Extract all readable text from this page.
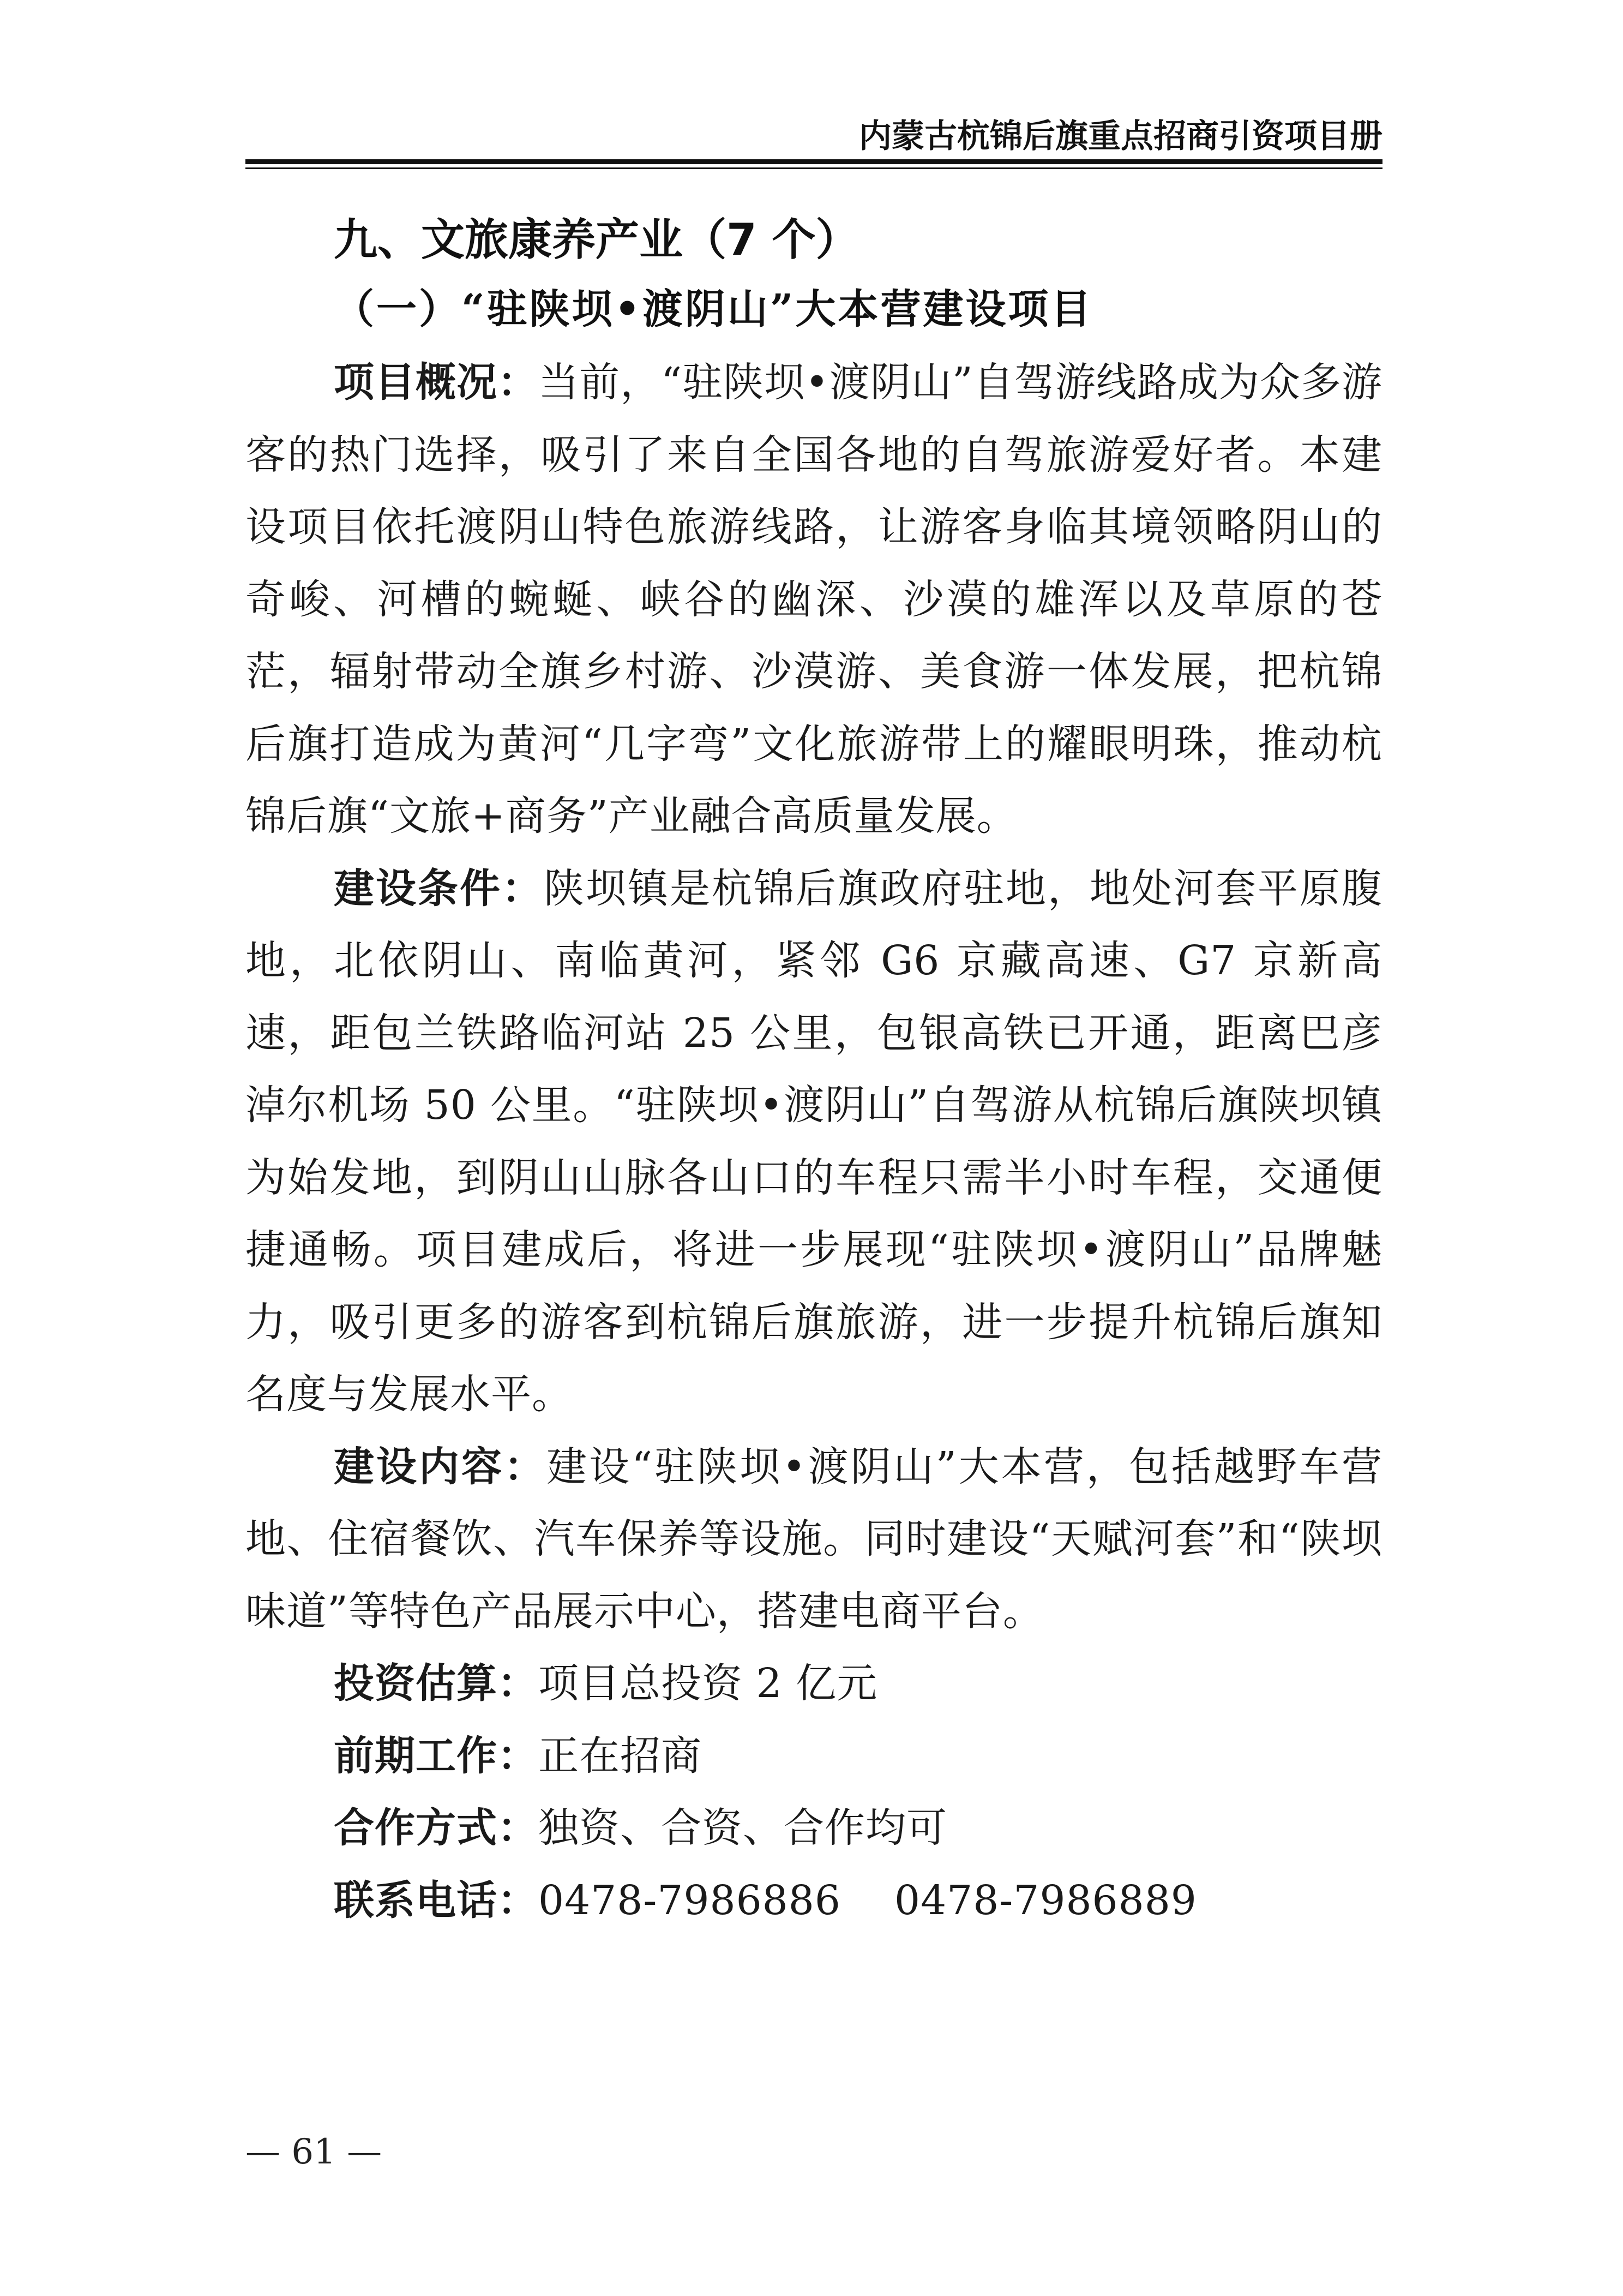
内蒙古杭锦后旗重点招商引资项目册
九、文旅康养产业（7 个）
（一）“驻陕坝•渡阴山”大本营建设项目

项目概况：当前，“驻陕坝•渡阴山”自驾游线路成为众多游客的热门选择，吸引了来自全国各地的自驾旅游爱好者。本建设项目依托渡阴山特色旅游线路，让游客身临其境领略阴山的奇峻、河槽的蜿蜒、峡谷的幽深、沙漠的雄浑以及草原的苍茫，辐射带动全旗乡村游、沙漠游、美食游一体发展，把杭锦后旗打造成为黄河“几字弯”文化旅游带上的耀眼明珠，推动杭锦后旗“文旅+商务”产业融合高质量发展。

建设条件：陕坝镇是杭锦后旗政府驻地，地处河套平原腹地，北依阴山、南临黄河，紧邻 G6 京藏高速、G7 京新高速，距包兰铁路临河站 25 公里，包银高铁已开通，距离巴彦淖尔机场 50 公里。“驻陕坝•渡阴山”自驾游从杭锦后旗陕坝镇为始发地，到阴山山脉各山口的车程只需半小时车程，交通便捷通畅。项目建成后，将进一步展现“驻陕坝•渡阴山”品牌魅力，吸引更多的游客到杭锦后旗旅游，进一步提升杭锦后旗知名度与发展水平。

建设内容：建设“驻陕坝•渡阴山”大本营，包括越野车营地、住宿餐饮、汽车保养等设施。同时建设“天赋河套”和“陕坝味道”等特色产品展示中心，搭建电商平台。

投资估算：项目总投资 2 亿元

前期工作：正在招商

合作方式：独资、合资、合作均可

联系电话：0478-7986886    0478-7986889

— 61 —
